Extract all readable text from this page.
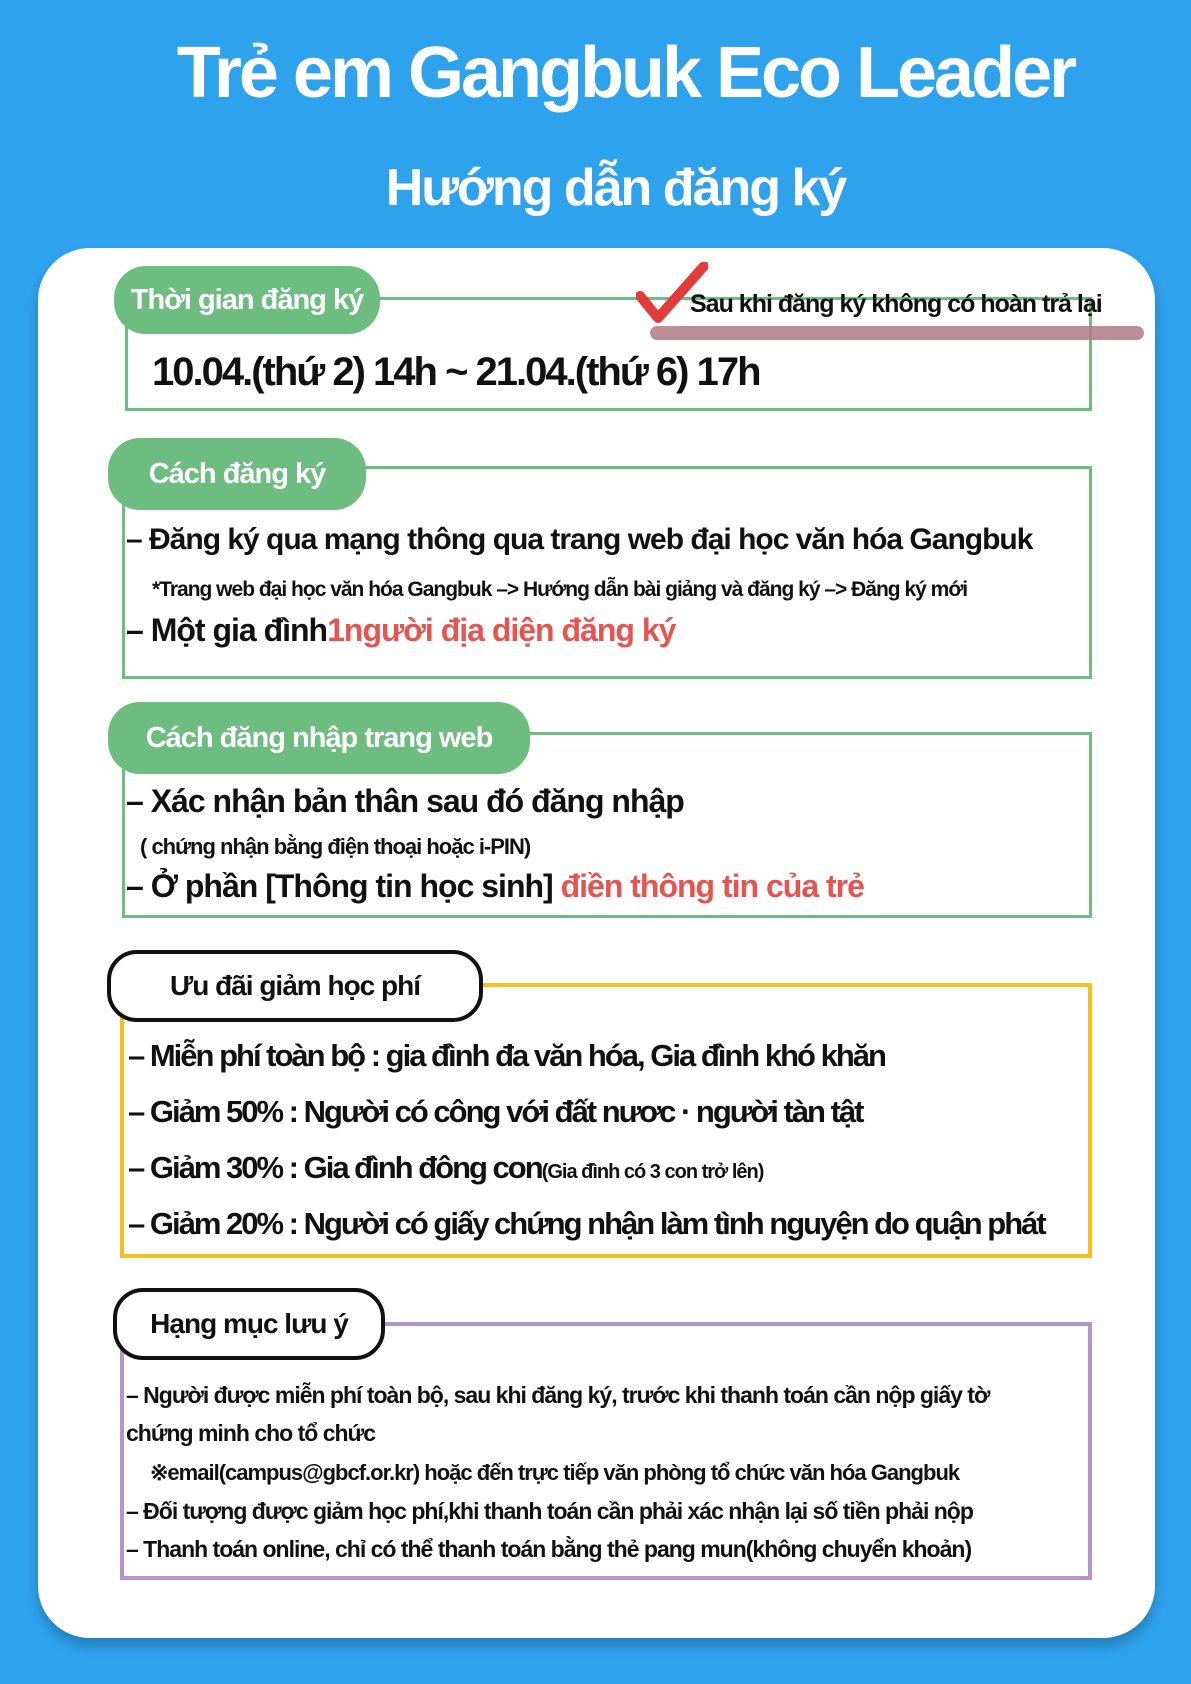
Trẻ em Gangbuk Eco Leader
Hướng dẫn đăng ký
Thời gian đăng ký	Sau khi đăng ký không có hoàn trả lại
10.04.(thứ 2) 14h ~ 21.04.(thứ 6) 17h
Cách đăng ký
– Đăng ký qua mạng thông qua trang web đại học văn hóa Gangbuk
*Trang web đại học văn hóa Gangbuk –> Hướng dẫn bài giảng và đăng ký –> Đăng ký mới
– Một gia đình1người địa diện đăng ký
Cách đăng nhập trang web
– Xác nhận bản thân sau đó đăng nhập
( chứng nhận bằng điện thoại hoặc i-PIN)
– Ở phần [Thông tin học sinh] điền thông tin của trẻ
Ưu đãi giảm học phí
– Miễn phí toàn bộ : gia đình đa văn hóa, Gia đình khó khăn
– Giảm 50% : Người có công với đất nươc · người tàn tật
– Giảm 30% : Gia đình đông con(Gia đình có 3 con trở lên)
– Giảm 20% : Người có giấy chứng nhận làm tình nguyện do quận phát
Hạng mục lưu ý
– Người được miễn phí toàn bộ, sau khi đăng ký, trước khi thanh toán cần nộp giấy tờ
chứng minh cho tổ chức
※email(campus@gbcf.or.kr) hoặc đến trực tiếp văn phòng tổ chức văn hóa Gangbuk
– Đối tượng được giảm học phí,khi thanh toán cần phải xác nhận lại số tiền phải nộp
– Thanh toán online, chỉ có thể thanh toán bằng thẻ pang mun(không chuyển khoản)
